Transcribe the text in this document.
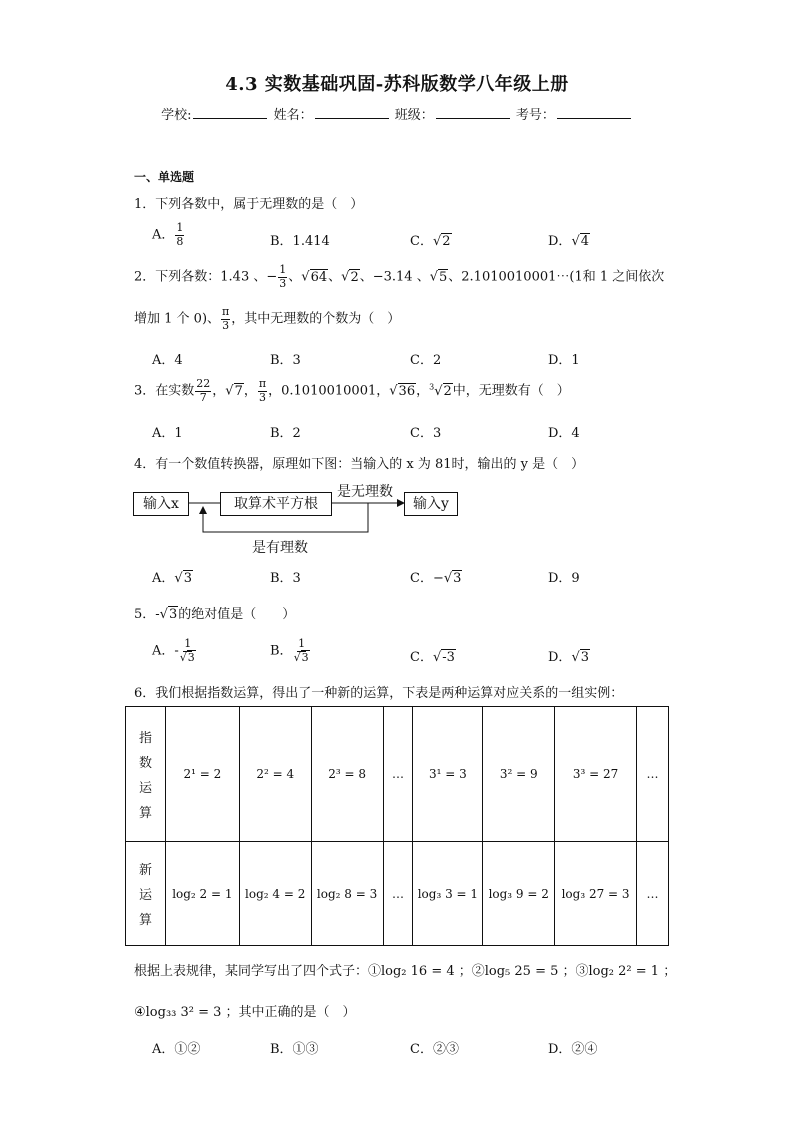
4.3 实数基础巩固-苏科版数学八年级上册
学校:	姓名：	班级：	考号：
一、单选题
1．下列各数中，属于无理数的是（　）
A． $\frac{1}{8}$	B．1.414	C．√2	D．√4
2．下列各数：1.43 、− $\frac{1}{3}$ 、√64、√2、−3.14 、√5、2.1010010001⋯(1和 1 之间依次
增加 1 个 0)、 $\frac{\pi}{3}$ ，其中无理数的个数为（　）
A．4	B．3	C．2	D．1
3．在实数 $\frac{22}{7}$ ，√7， $\frac{\pi}{3}$ ，0.1010010001，√36，$^3$√2中，无理数有（　）
A．1	B．2	C．3	D．4
4．有一个数值转换器，原理如下图：当输入的 x 为 81时，输出的 y 是（　）
输入x	取算术平方根	输入y
是无理数
是有理数
A．√3	B．3	C．−√3	D．9
5．-√3的绝对值是（　　）
A．- $\frac{1}{√3}$	B． $\frac{1}{√3}$	C．√-3	D．√3
6．我们根据指数运算，得出了一种新的运算，下表是两种运算对应关系的一组实例：
指
数
运
算	2¹ = 2	2² = 4	2³ = 8	…	3¹ = 3	3² = 9	3³ = 27	…

新
运
算	log₂ 2 = 1	log₂ 4 = 2	log₂ 8 = 3	…	log₃ 3 = 1	log₃ 9 = 2	log₃ 27 = 3	…
根据上表规律，某同学写出了四个式子：①log₂ 16 = 4 ；②log₅ 25 = 5 ；③log₂ 2² = 1 ；
④log₃₃ 3² = 3 ；其中正确的是（　）
A．①②	B．①③	C．②③	D．②④
